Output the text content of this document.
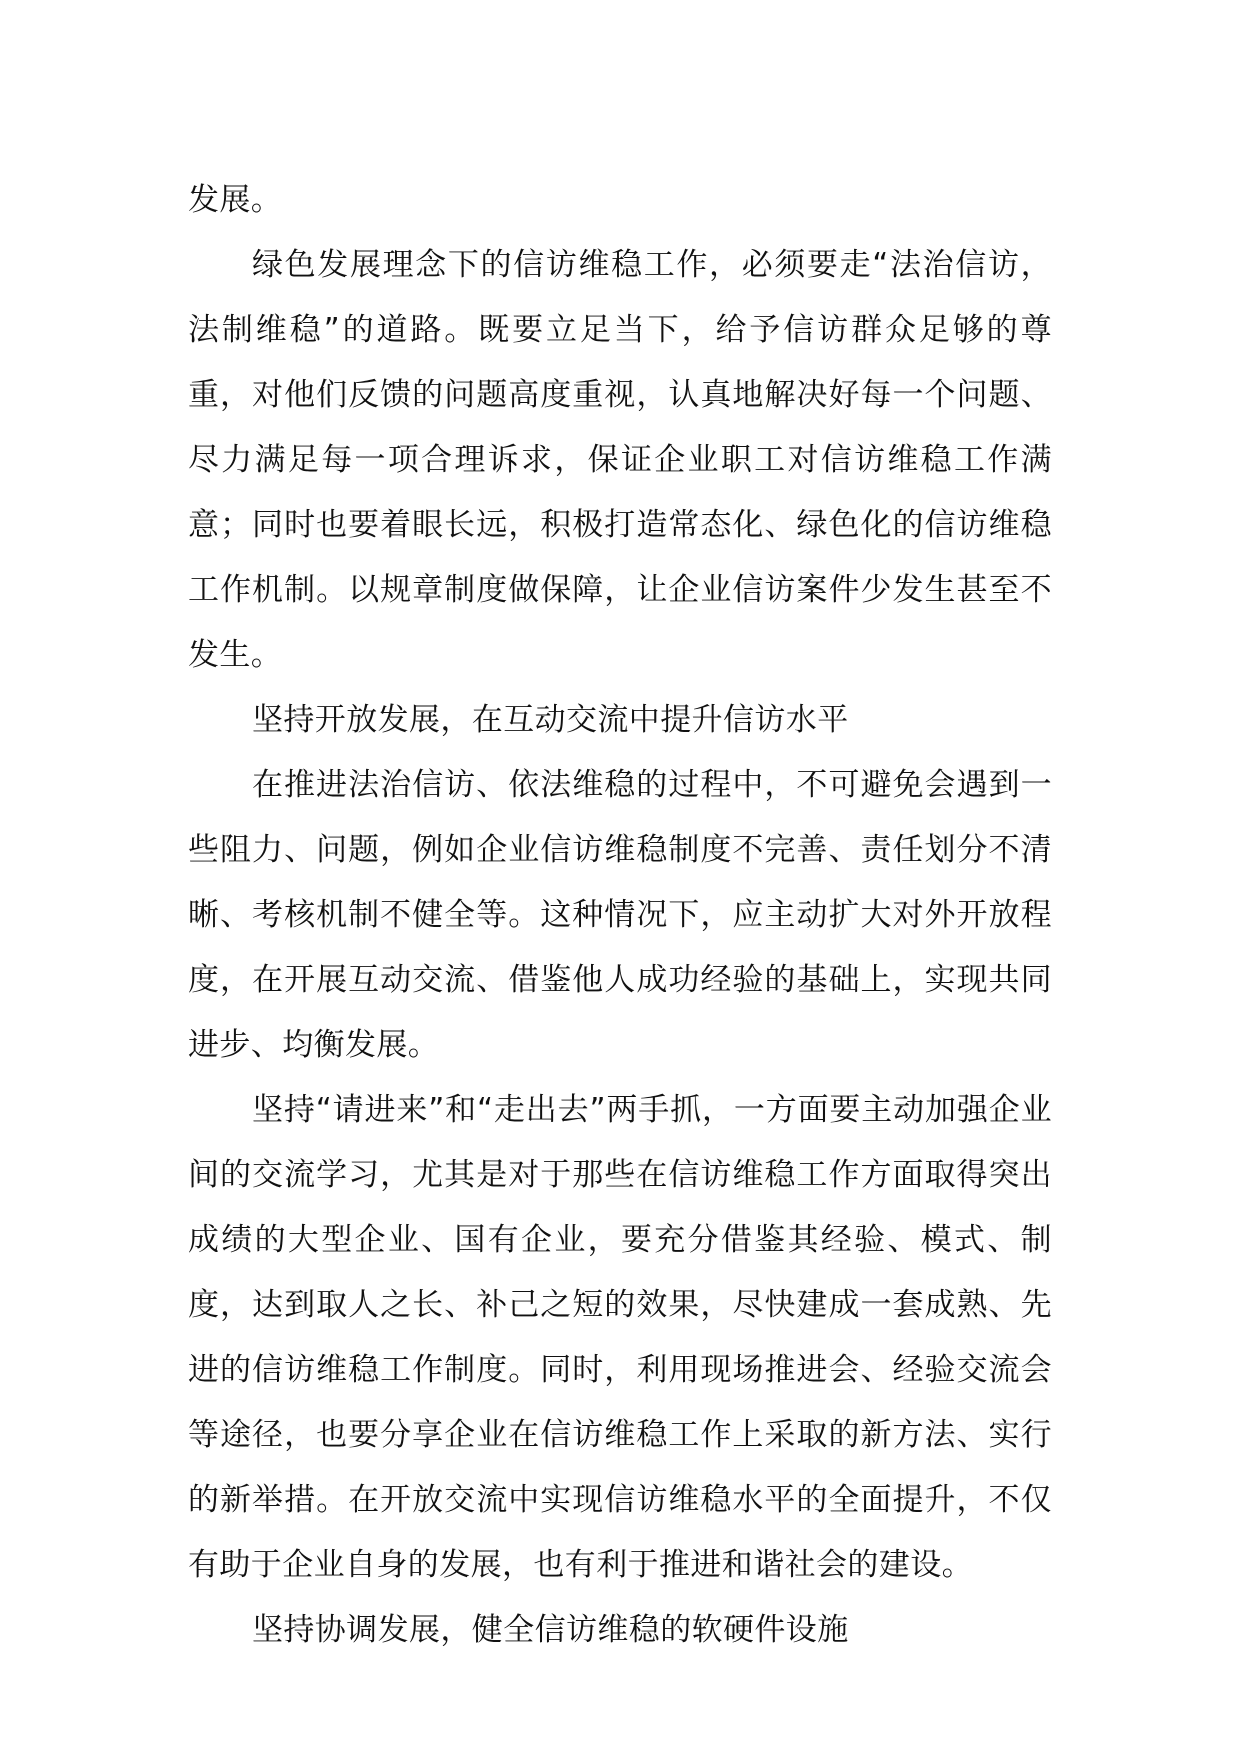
发展。

绿色发展理念下的信访维稳工作，必须要走“法治信访，法制维稳”的道路。既要立足当下，给予信访群众足够的尊重，对他们反馈的问题高度重视，认真地解决好每一个问题、尽力满足每一项合理诉求，保证企业职工对信访维稳工作满意；同时也要着眼长远，积极打造常态化、绿色化的信访维稳工作机制。以规章制度做保障，让企业信访案件少发生甚至不发生。

坚持开放发展，在互动交流中提升信访水平

在推进法治信访、依法维稳的过程中，不可避免会遇到一些阻力、问题，例如企业信访维稳制度不完善、责任划分不清晰、考核机制不健全等。这种情况下，应主动扩大对外开放程度，在开展互动交流、借鉴他人成功经验的基础上，实现共同进步、均衡发展。

坚持“请进来”和“走出去”两手抓，一方面要主动加强企业间的交流学习，尤其是对于那些在信访维稳工作方面取得突出成绩的大型企业、国有企业，要充分借鉴其经验、模式、制度，达到取人之长、补己之短的效果，尽快建成一套成熟、先进的信访维稳工作制度。同时，利用现场推进会、经验交流会等途径，也要分享企业在信访维稳工作上采取的新方法、实行的新举措。在开放交流中实现信访维稳水平的全面提升，不仅有助于企业自身的发展，也有利于推进和谐社会的建设。

坚持协调发展，健全信访维稳的软硬件设施
